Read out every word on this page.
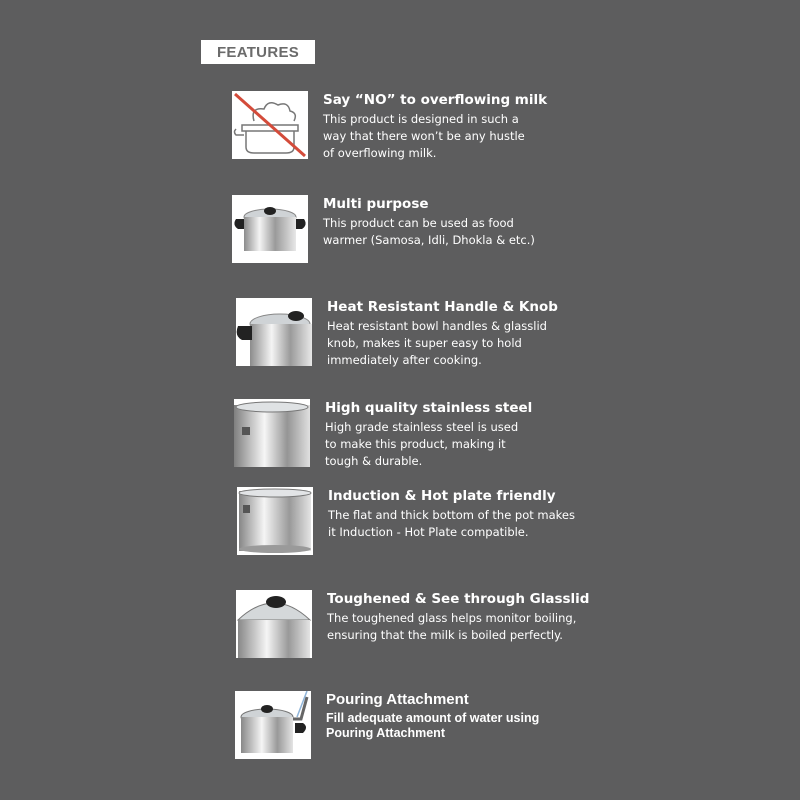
FEATURES
Say “NO” to overflowing milk
This product is designed in such a
way that there won’t be any hustle
of overflowing milk.
Multi purpose
This product can be used as food
warmer (Samosa, Idli, Dhokla & etc.)
Heat Resistant Handle & Knob
Heat resistant bowl handles & glasslid
knob, makes it super easy to hold
immediately after cooking.
High quality stainless steel
High grade stainless steel is used
to make this product, making it
tough & durable.
Induction & Hot plate friendly
The flat and thick bottom of the pot makes
it Induction - Hot Plate compatible.
Toughened & See through Glasslid
The toughened glass helps monitor boiling,
ensuring that the milk is boiled perfectly.
Pouring Attachment
Fill adequate amount of water using
Pouring Attachment
